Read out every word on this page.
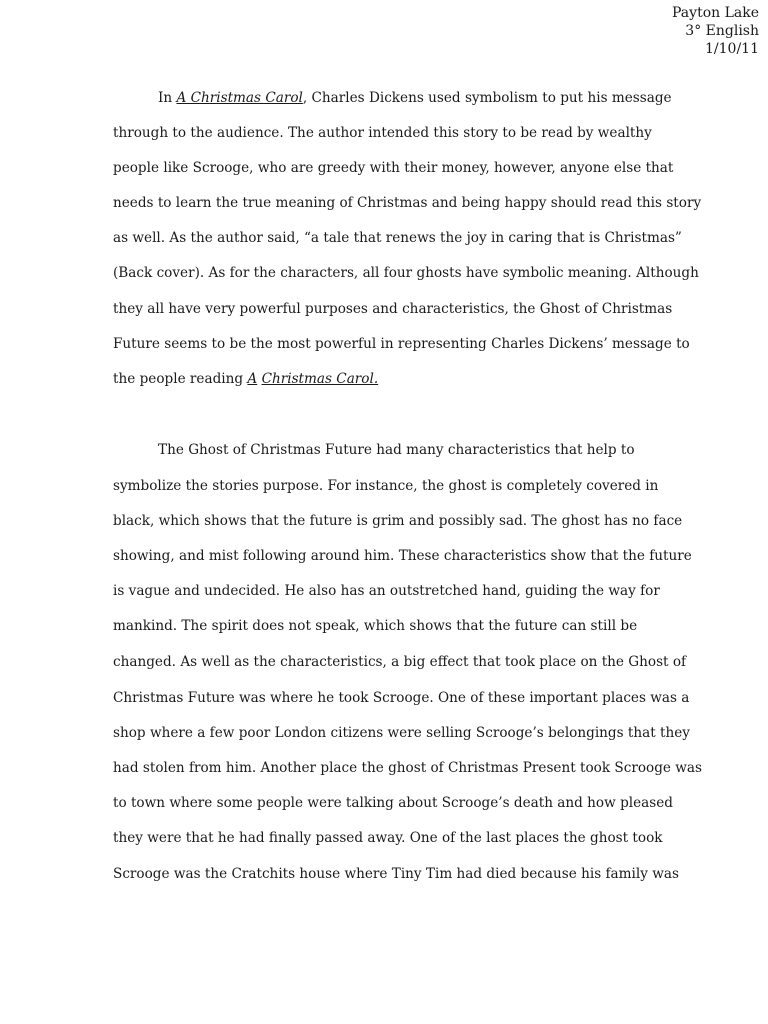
Payton Lake
3° English
1/10/11
In A Christmas Carol, Charles Dickens used symbolism to put his message
through to the audience. The author intended this story to be read by wealthy
people like Scrooge, who are greedy with their money, however, anyone else that
needs to learn the true meaning of Christmas and being happy should read this story
as well. As the author said, “a tale that renews the joy in caring that is Christmas”
(Back cover). As for the characters, all four ghosts have symbolic meaning. Although
they all have very powerful purposes and characteristics, the Ghost of Christmas
Future seems to be the most powerful in representing Charles Dickens’ message to
the people reading A Christmas Carol.
The Ghost of Christmas Future had many characteristics that help to
symbolize the stories purpose. For instance, the ghost is completely covered in
black, which shows that the future is grim and possibly sad. The ghost has no face
showing, and mist following around him. These characteristics show that the future
is vague and undecided. He also has an outstretched hand, guiding the way for
mankind. The spirit does not speak, which shows that the future can still be
changed. As well as the characteristics, a big effect that took place on the Ghost of
Christmas Future was where he took Scrooge. One of these important places was a
shop where a few poor London citizens were selling Scrooge’s belongings that they
had stolen from him. Another place the ghost of Christmas Present took Scrooge was
to town where some people were talking about Scrooge’s death and how pleased
they were that he had finally passed away. One of the last places the ghost took
Scrooge was the Cratchits house where Tiny Tim had died because his family was
